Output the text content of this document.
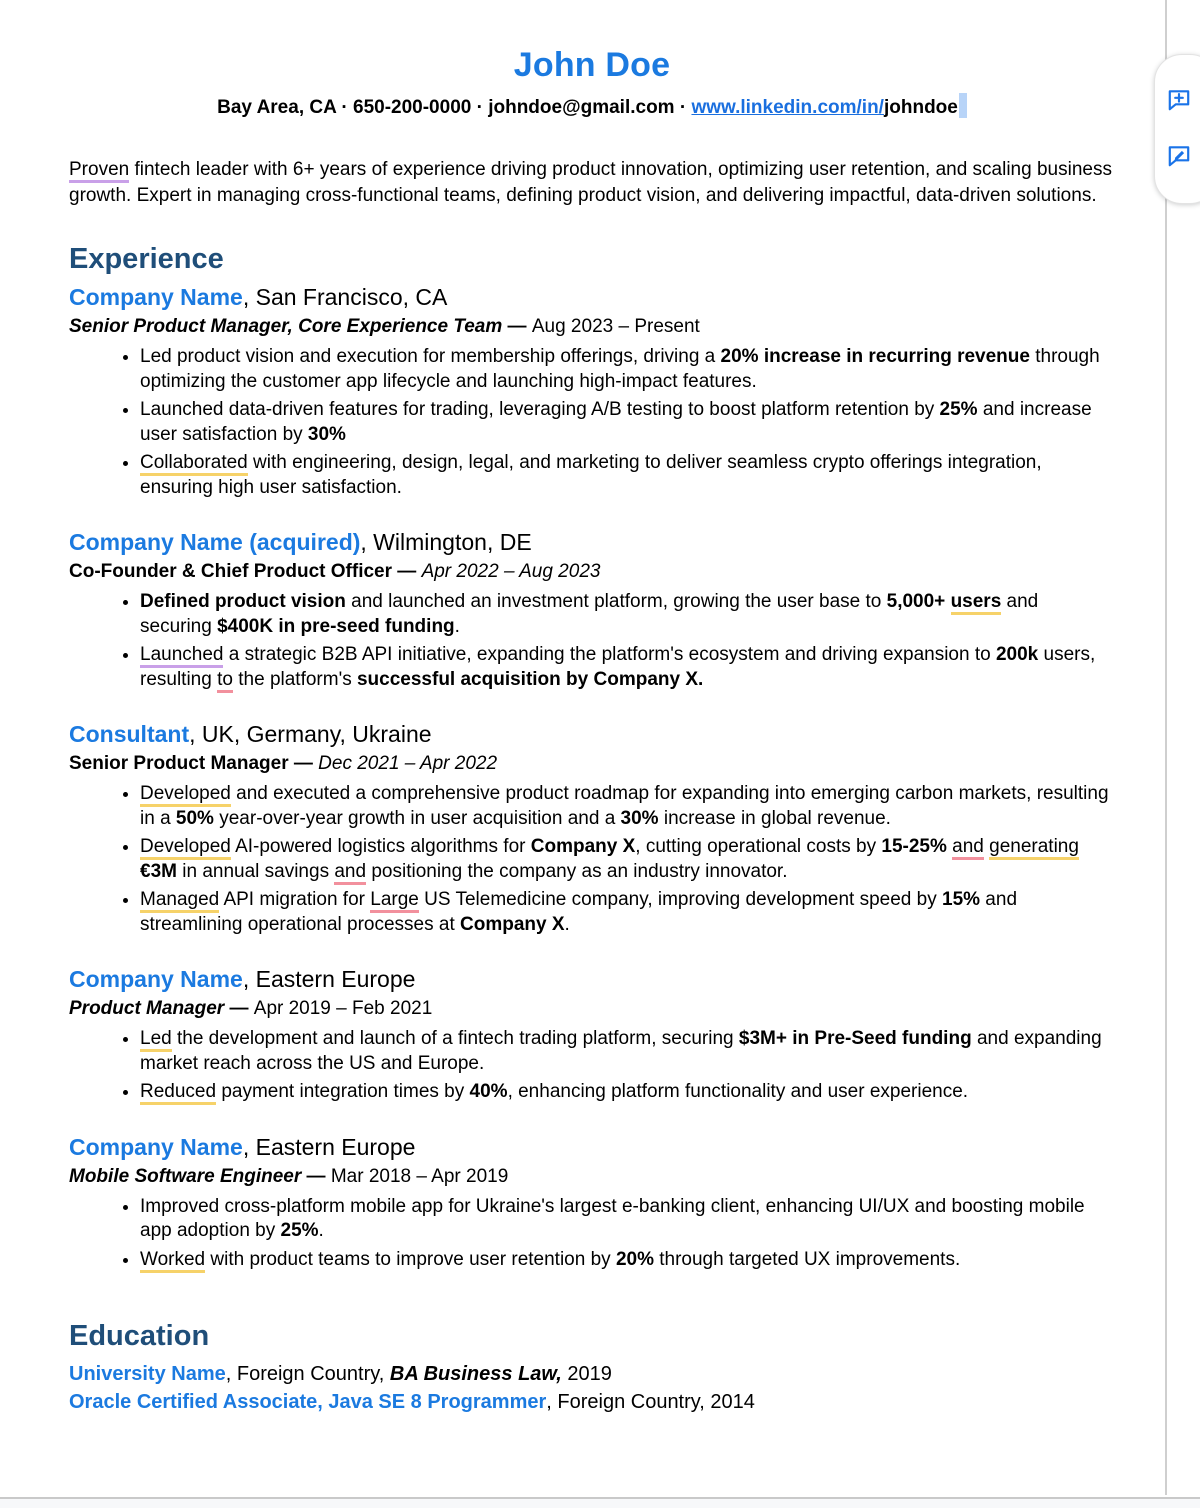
John Doe
Bay Area, CA · 650-200-0000 · johndoe@gmail.com · www.linkedin.com/in/johndoe

Proven fintech leader with 6+ years of experience driving product innovation, optimizing user retention, and scaling business growth. Expert in managing cross-functional teams, defining product vision, and delivering impactful, data-driven solutions.

Experience
Company Name, San Francisco, CA

Senior Product Manager, Core Experience Team — Aug 2023 – Present

• Led product vision and execution for membership offerings, driving a 20% increase in recurring revenue through optimizing the customer app lifecycle and launching high-impact features.
• Launched data-driven features for trading, leveraging A/B testing to boost platform retention by 25% and increase user satisfaction by 30%
• Collaborated with engineering, design, legal, and marketing to deliver seamless crypto offerings integration, ensuring high user satisfaction.
Company Name (acquired), Wilmington, DE

Co-Founder & Chief Product Officer — Apr 2022 – Aug 2023

• Defined product vision and launched an investment platform, growing the user base to 5,000+ users and securing $400K in pre-seed funding.
• Launched a strategic B2B API initiative, expanding the platform's ecosystem and driving expansion to 200k users, resulting to the platform's successful acquisition by Company X.
Consultant, UK, Germany, Ukraine

Senior Product Manager — Dec 2021 – Apr 2022

• Developed and executed a comprehensive product roadmap for expanding into emerging carbon markets, resulting in a 50% year-over-year growth in user acquisition and a 30% increase in global revenue.
• Developed AI-powered logistics algorithms for Company X, cutting operational costs by 15-25% and generating €3M in annual savings and positioning the company as an industry innovator.
• Managed API migration for Large US Telemedicine company, improving development speed by 15% and streamlining operational processes at Company X.
Company Name, Eastern Europe

Product Manager — Apr 2019 – Feb 2021

• Led the development and launch of a fintech trading platform, securing $3M+ in Pre-Seed funding and expanding market reach across the US and Europe.
• Reduced payment integration times by 40%, enhancing platform functionality and user experience.
Company Name, Eastern Europe

Mobile Software Engineer — Mar 2018 – Apr 2019

• Improved cross-platform mobile app for Ukraine's largest e-banking client, enhancing UI/UX and boosting mobile app adoption by 25%.
• Worked with product teams to improve user retention by 20% through targeted UX improvements.
Education
University Name, Foreign Country, BA Business Law, 2019
Oracle Certified Associate, Java SE 8 Programmer, Foreign Country, 2014
